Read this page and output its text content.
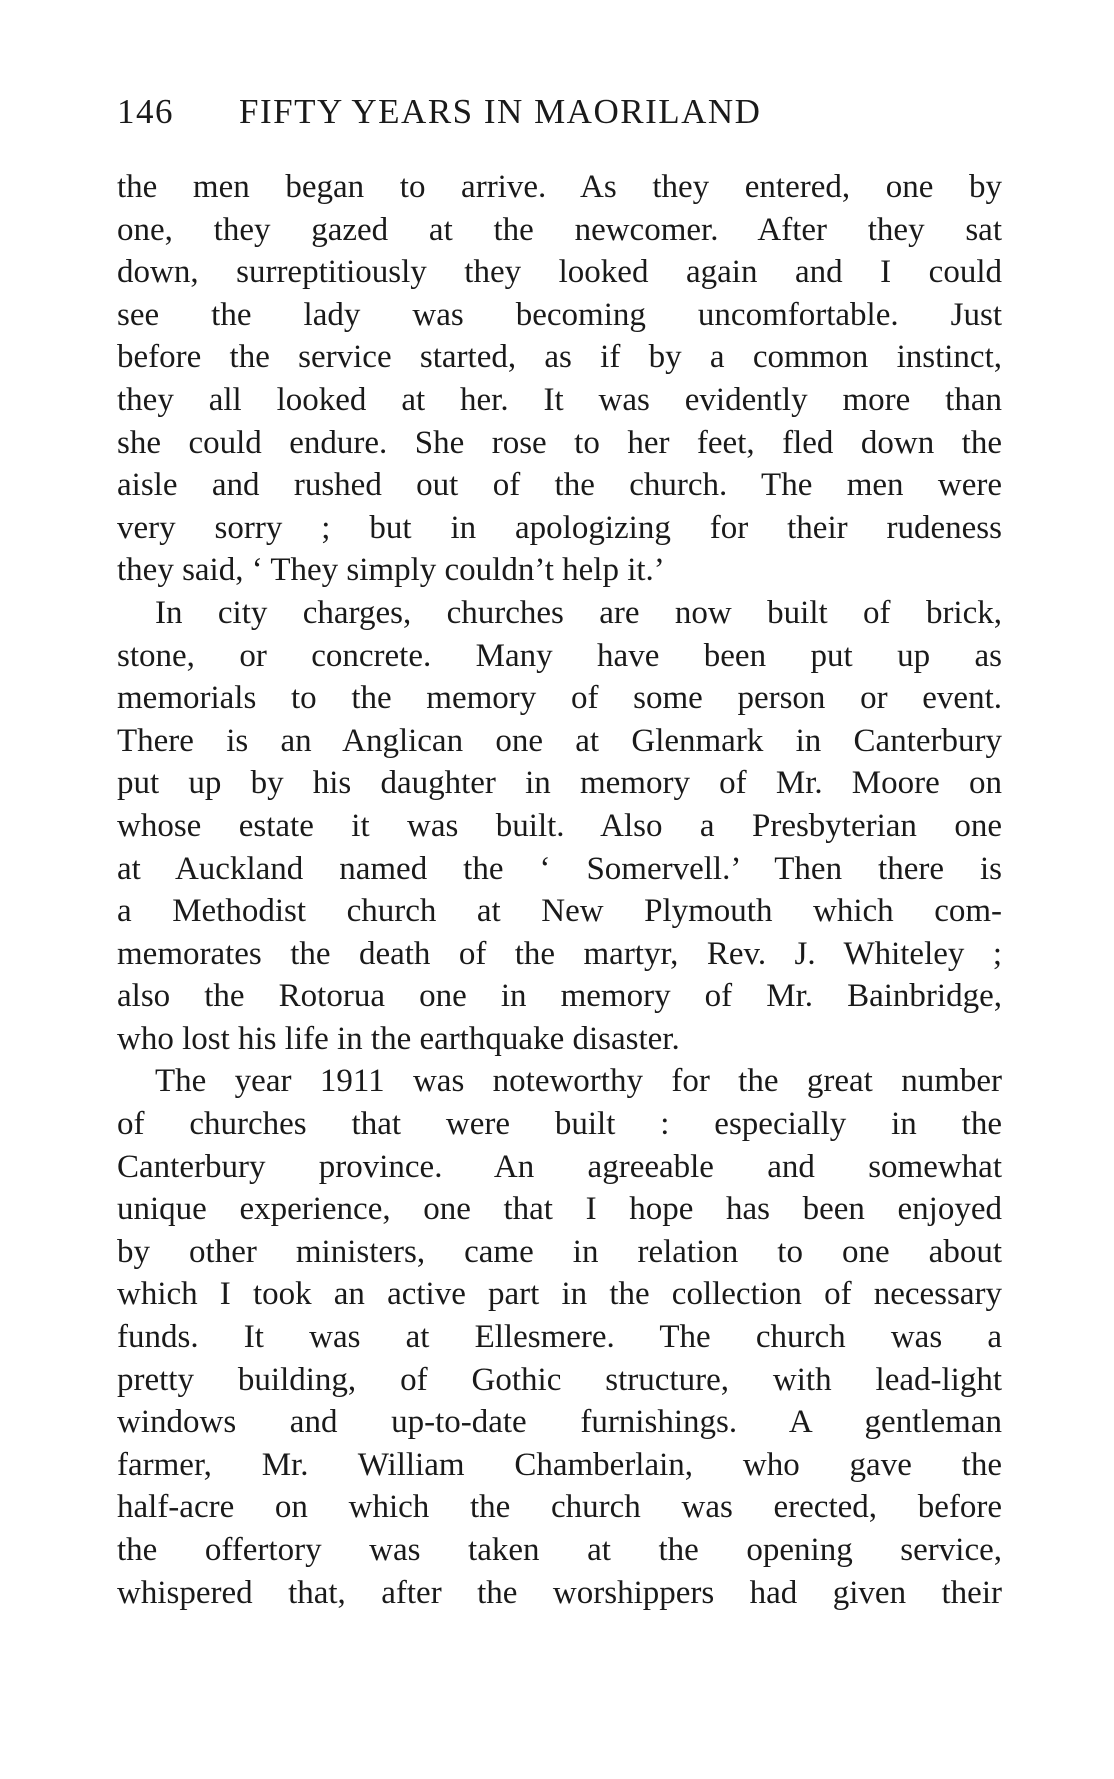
146 FIFTY YEARS IN MAORILAND
the men began to arrive. As they entered, one by
one, they gazed at the newcomer. After they sat
down, surreptitiously they looked again and I could
see the lady was becoming uncomfortable. Just
before the service started, as if by a common instinct,
they all looked at her. It was evidently more than
she could endure. She rose to her feet, fled down the
aisle and rushed out of the church. The men were
very sorry ; but in apologizing for their rudeness
they said, ‘ They simply couldn’t help it.’
In city charges, churches are now built of brick,
stone, or concrete. Many have been put up as
memorials to the memory of some person or event.
There is an Anglican one at Glenmark in Canterbury
put up by his daughter in memory of Mr. Moore on
whose estate it was built. Also a Presbyterian one
at Auckland named the ‘ Somervell.’ Then there is
a Methodist church at New Plymouth which com-
memorates the death of the martyr, Rev. J. Whiteley ;
also the Rotorua one in memory of Mr. Bainbridge,
who lost his life in the earthquake disaster.
The year 1911 was noteworthy for the great number
of churches that were built : especially in the
Canterbury province. An agreeable and somewhat
unique experience, one that I hope has been enjoyed
by other ministers, came in relation to one about
which I took an active part in the collection of necessary
funds. It was at Ellesmere. The church was a
pretty building, of Gothic structure, with lead-light
windows and up-to-date furnishings. A gentleman
farmer, Mr. William Chamberlain, who gave the
half-acre on which the church was erected, before
the offertory was taken at the opening service,
whispered that, after the worshippers had given their
